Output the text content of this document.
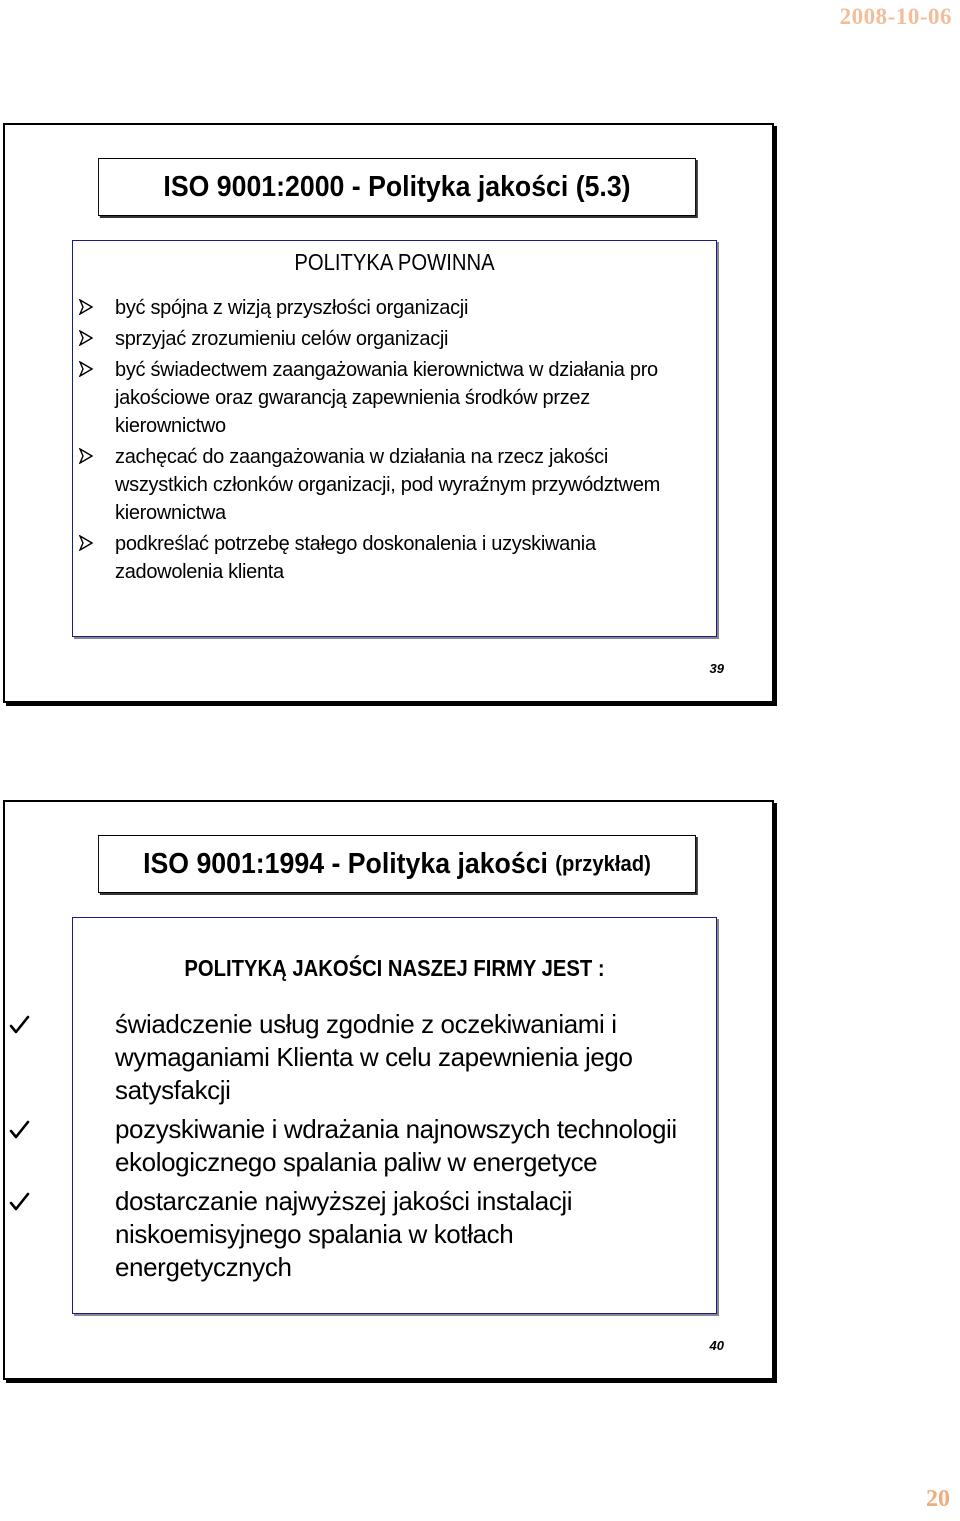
2008-10-06
ISO 9001:2000 - Polityka jakości (5.3)
POLITYKA POWINNA
być spójna z wizją przyszłości organizacji
sprzyjać zrozumieniu celów organizacji
być świadectwem zaangażowania kierownictwa w działania pro jakościowe oraz gwarancją zapewnienia środków przez kierownictwo
zachęcać do zaangażowania w działania na rzecz jakości wszystkich członków organizacji, pod wyraźnym przywództwem kierownictwa
podkreślać potrzebę stałego doskonalenia i uzyskiwania zadowolenia klienta
39
ISO 9001:1994 - Polityka jakości (przykład)
POLITYKĄ JAKOŚCI NASZEJ FIRMY JEST :
świadczenie usług zgodnie z oczekiwaniami i wymaganiami Klienta w celu zapewnienia jego satysfakcji
pozyskiwanie i wdrażania najnowszych technologii ekologicznego spalania paliw w energetyce
dostarczanie najwyższej jakości instalacji niskoemisyjnego spalania w kotłach energetycznych
40
20
